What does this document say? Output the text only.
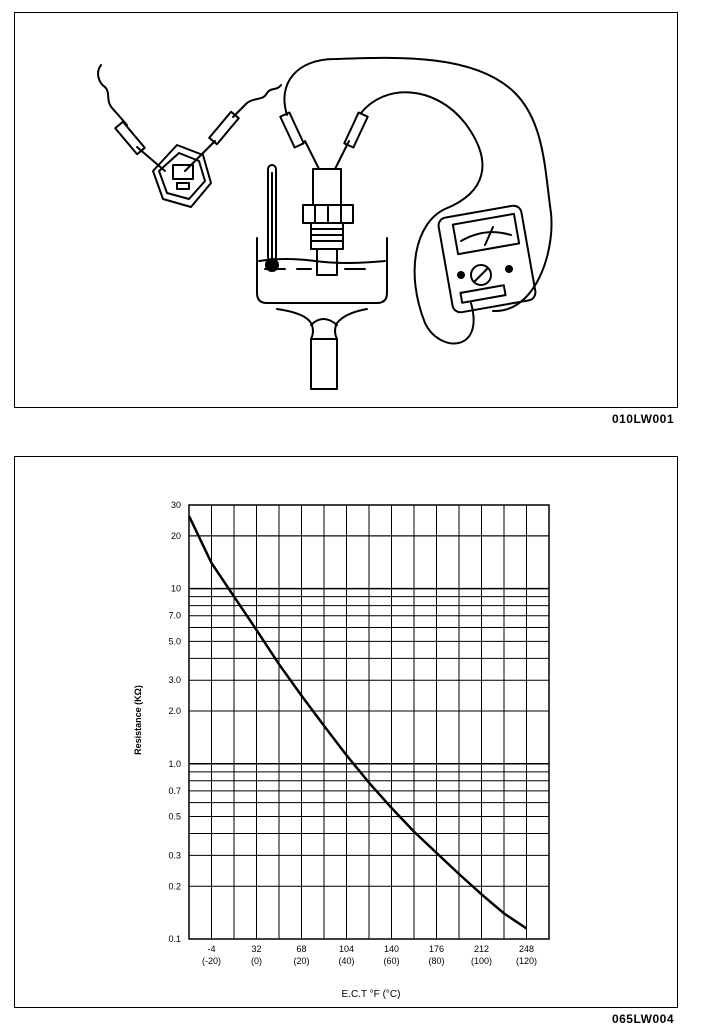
010LW001
30
20
10
7.0
5.0
3.0
2.0
1.0
0.7
0.5
0.3
0.2
0.1
-4
(-20)
32
(0)
68
(20)
104
(40)
140
(60)
176
(80)
212
(100)
248
(120)
Resistance (KΩ)
E.C.T °F (°C)
065LW004
